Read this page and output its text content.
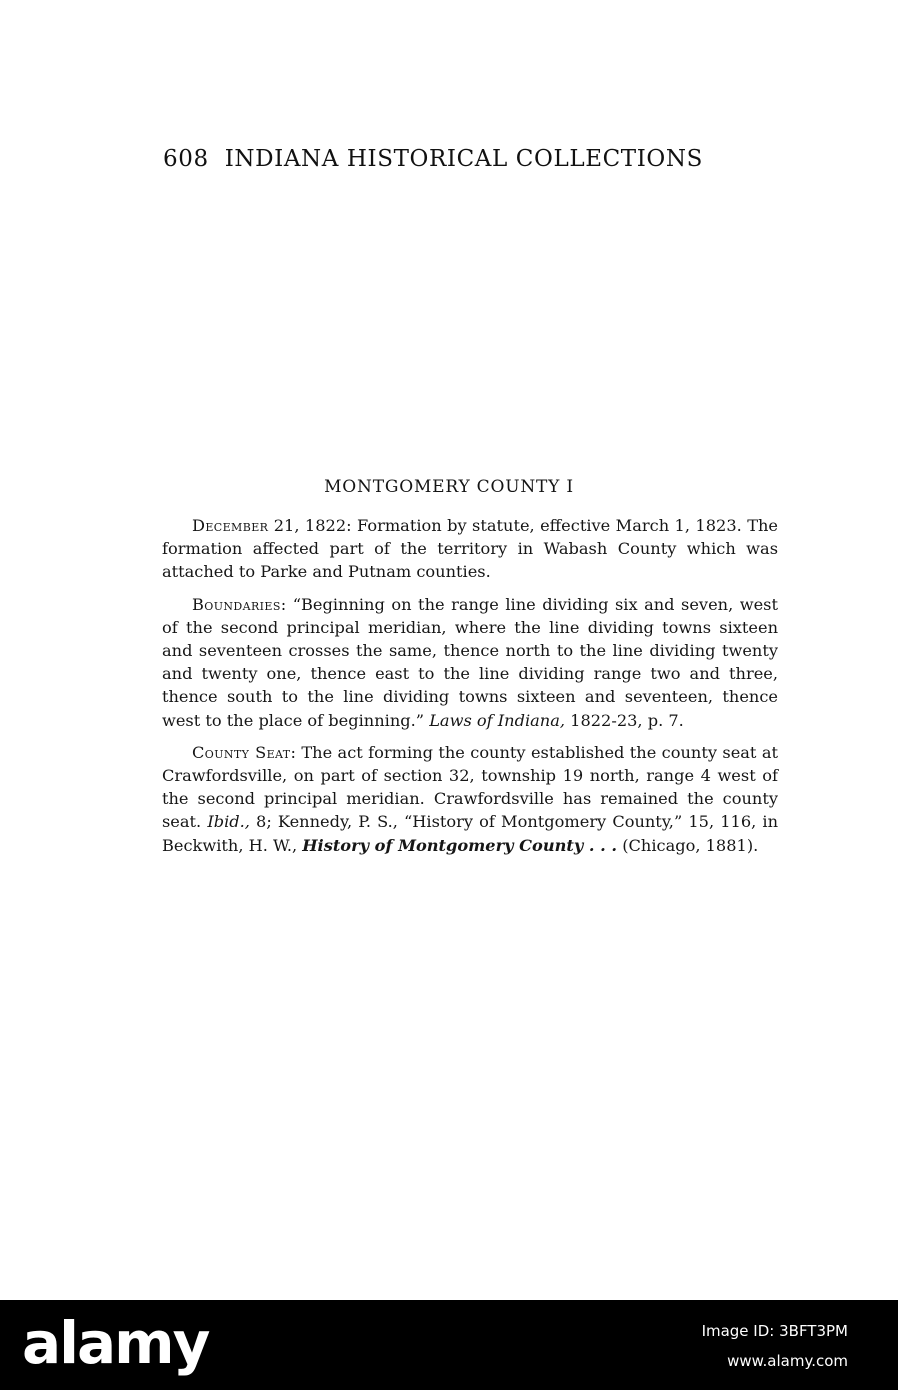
608 INDIANA HISTORICAL COLLECTIONS
MONTGOMERY COUNTY I

December 21, 1822: Formation by statute, effective March 1, 1823. The formation affected part of the territory in Wabash County which was attached to Parke and Putnam counties.

Boundaries: “Beginning on the range line dividing six and seven, west of the second principal meridian, where the line dividing towns sixteen and seventeen crosses the same, thence north to the line dividing twenty and twenty one, thence east to the line dividing range two and three, thence south to the line dividing towns sixteen and seventeen, thence west to the place of beginning.” Laws of Indiana, 1822-23, p. 7.

County Seat: The act forming the county established the county seat at Crawfordsville, on part of section 32, township 19 north, range 4 west of the second principal meridian. Crawfordsville has remained the county seat. Ibid., 8; Kennedy, P. S., “History of Montgomery County,” 15, 116, in Beckwith, H. W., History of Montgomery County . . . (Chicago, 1881).

alamy	Image ID: 3BFT3PM
www.alamy.com
